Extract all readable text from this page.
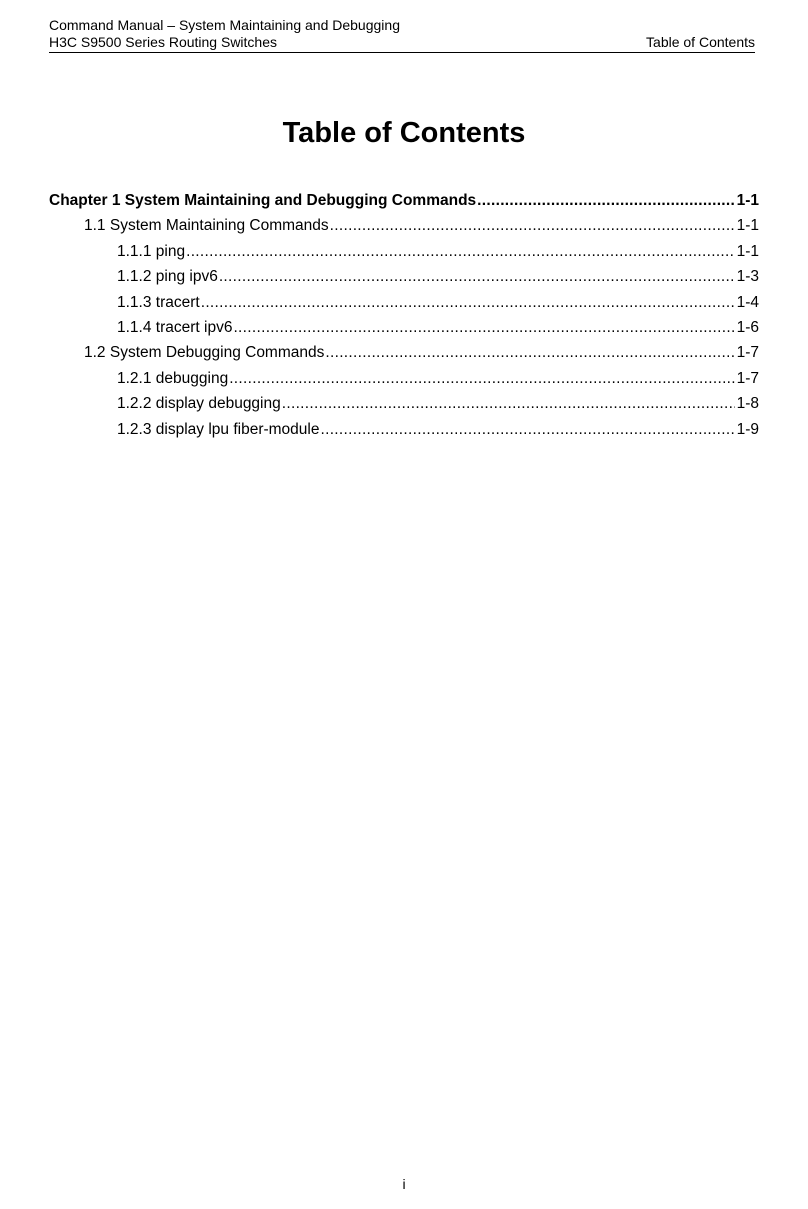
Command Manual – System Maintaining and Debugging
H3C S9500 Series Routing Switches	Table of Contents
Table of Contents
Chapter 1 System Maintaining and Debugging Commands .....	1-1
1.1 System Maintaining Commands .....	1-1
1.1.1 ping .....	1-1
1.1.2 ping ipv6 .....	1-3
1.1.3 tracert .....	1-4
1.1.4 tracert ipv6 .....	1-6
1.2 System Debugging Commands .....	1-7
1.2.1 debugging .....	1-7
1.2.2 display debugging .....	1-8
1.2.3 display lpu fiber-module .....	1-9
i
